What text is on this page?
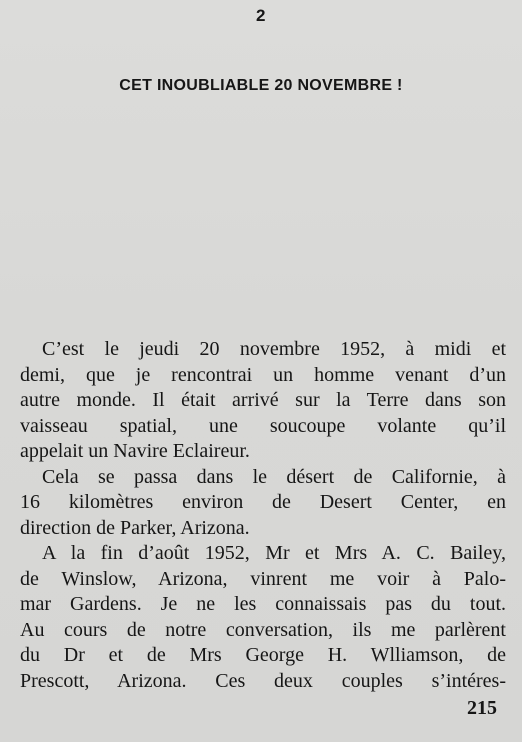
2
CET INOUBLIABLE 20 NOVEMBRE !
C’est le jeudi 20 novembre 1952, à midi et
demi, que je rencontrai un homme venant d’un
autre monde. Il était arrivé sur la Terre dans son
vaisseau spatial, une soucoupe volante qu’il
appelait un Navire Eclaireur.
Cela se passa dans le désert de Californie, à
16 kilomètres environ de Desert Center, en
direction de Parker, Arizona.
A la fin d’août 1952, Mr et Mrs A. C. Bailey,
de Winslow, Arizona, vinrent me voir à Palo-
mar Gardens. Je ne les connaissais pas du tout.
Au cours de notre conversation, ils me parlèrent
du Dr et de Mrs George H. Wlliamson, de
Prescott, Arizona. Ces deux couples s’intéres-
215
